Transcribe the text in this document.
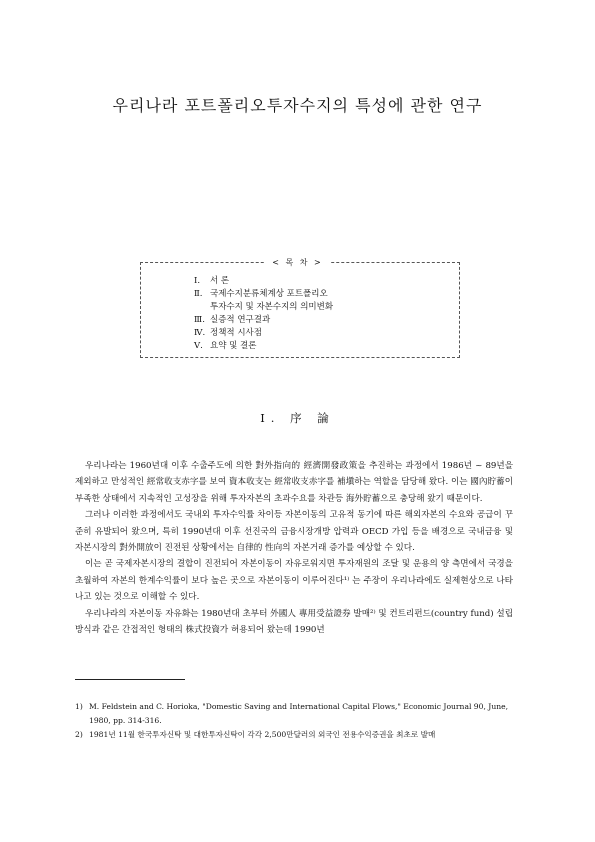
우리나라 포트폴리오투자수지의 특성에 관한 연구
< 목 차 >
Ⅰ. 서 론
Ⅱ. 국제수지분류체계상 포트폴리오
투자수지 및 자본수지의 의미변화
Ⅲ. 실증적 연구결과
Ⅳ. 정책적 시사점
Ⅴ. 요약 및 결론
Ⅰ. 序 論

우리나라는 1960년대 이후 수출주도에 의한 對外指向的 經濟開發政策을 추진하는 과정에서 1986년 ~ 89년을 제외하고 만성적인 經常收支赤字를 보여 資本收支는 經常收支赤字를 補塡하는 역할을 담당해 왔다. 이는 國內貯蓄이 부족한 상태에서 지속적인 고성장을 위해 투자자본의 초과수요를 차관등 海外貯蓄으로 충당해 왔기 때문이다.

그러나 이러한 과정에서도 국내외 투자수익률 차이등 자본이동의 고유적 동기에 따른 해외자본의 수요와 공급이 꾸준히 유발되어 왔으며, 특히 1990년대 이후 선진국의 금융시장개방 압력과 OECD 가입 등을 배경으로 국내금융 및 자본시장의 對外開放이 진전된 상황에서는 自律的 性向의 자본거래 증가를 예상할 수 있다.

이는 곧 국제자본시장의 결합이 진전되어 자본이동이 자유로워지면 투자재원의 조달 및 운용의 양 측면에서 국경을 초월하여 자본의 한계수익률이 보다 높은 곳으로 자본이동이 이루어진다¹⁾ 는 주장이 우리나라에도 실제현상으로 나타나고 있는 것으로 이해할 수 있다.

우리나라의 자본이동 자유화는 1980년대 초부터 外國人 專用受益證券 발매²⁾ 및 컨트리펀드(country fund) 설립방식과 같은 간접적인 형태의 株式投資가 허용되어 왔는데 1990년

1) M. Feldstein and C. Horioka, "Domestic Saving and International Capital Flows," Economic Journal 90, June, 1980, pp. 314-316.
2) 1981년 11월 한국투자신탁 및 대한투자신탁이 각각 2,500만달러의 외국인 전용수익증권을 최초로 발매
